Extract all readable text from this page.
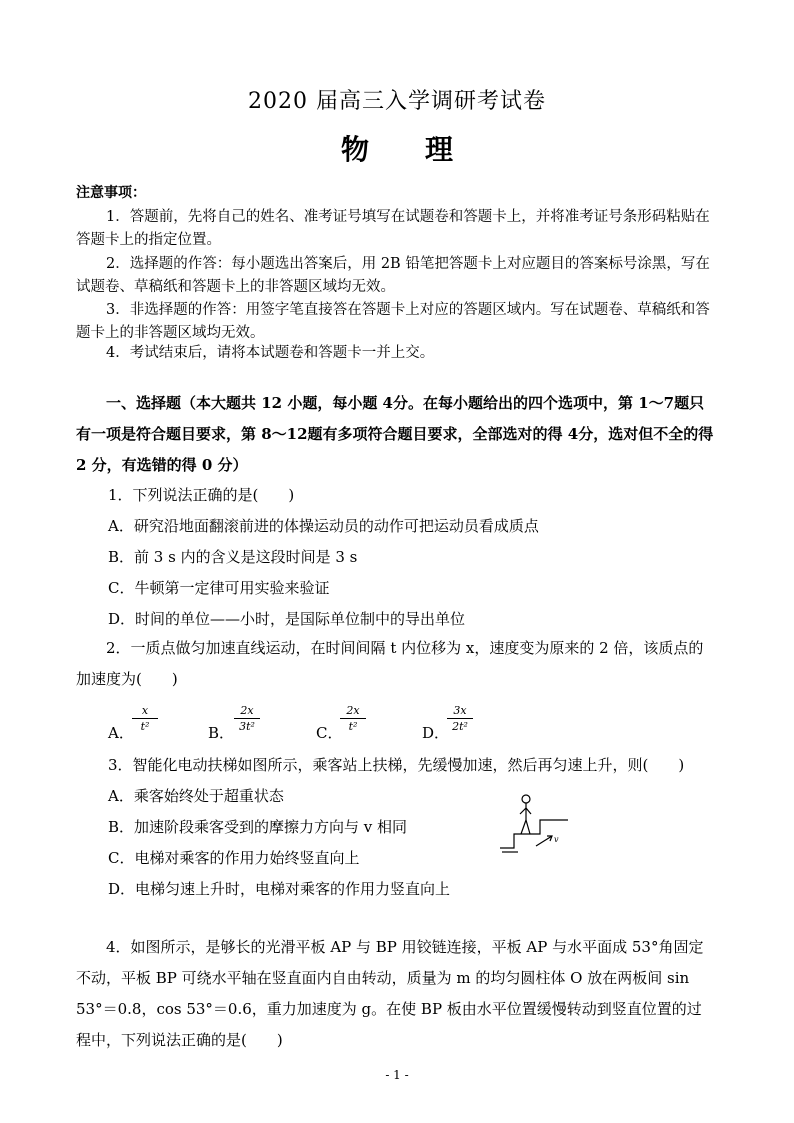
2020 届高三入学调研考试卷
物理
注意事项：
1．答题前，先将自己的姓名、准考证号填写在试题卷和答题卡上，并将准考证号条形码粘贴在答题卡上的指定位置。
2．选择题的作答：每小题选出答案后，用 2B 铅笔把答题卡上对应题目的答案标号涂黑，写在试题卷、草稿纸和答题卡上的非答题区域均无效。
3．非选择题的作答：用签字笔直接答在答题卡上对应的答题区域内。写在试题卷、草稿纸和答题卡上的非答题区域均无效。
4．考试结束后，请将本试题卷和答题卡一并上交。
一、选择题（本大题共 12 小题，每小题 4分。在每小题给出的四个选项中，第 1～7题只有一项是符合题目要求，第 8～12题有多项符合题目要求，全部选对的得 4分，选对但不全的得 2 分，有选错的得 0 分）
1．下列说法正确的是(　　)
A．研究沿地面翻滚前进的体操运动员的动作可把运动员看成质点
B．前 3 s 内的含义是这段时间是 3 s
C．牛顿第一定律可用实验来验证
D．时间的单位——小时，是国际单位制中的导出单位
2．一质点做匀加速直线运动，在时间间隔 t 内位移为 x，速度变为原来的 2 倍，该质点的加速度为(　　)
A．
x
t²	B．
2x
3t²	C．
2x
t²	D．
3x
2t²
3．智能化电动扶梯如图所示，乘客站上扶梯，先缓慢加速，然后再匀速上升，则(　　)
A．乘客始终处于超重状态
B．加速阶段乘客受到的摩擦力方向与 v 相同
C．电梯对乘客的作用力始终竖直向上
D．电梯匀速上升时，电梯对乘客的作用力竖直向上
v
4．如图所示，是够长的光滑平板 AP 与 BP 用铰链连接，平板 AP 与水平面成 53°角固定不动，平板 BP 可绕水平轴在竖直面内自由转动，质量为 m 的均匀圆柱体 O 放在两板间 sin 53°＝0.8，cos 53°＝0.6，重力加速度为 g。在使 BP 板由水平位置缓慢转动到竖直位置的过程中，下列说法正确的是(　　)
- 1 -
